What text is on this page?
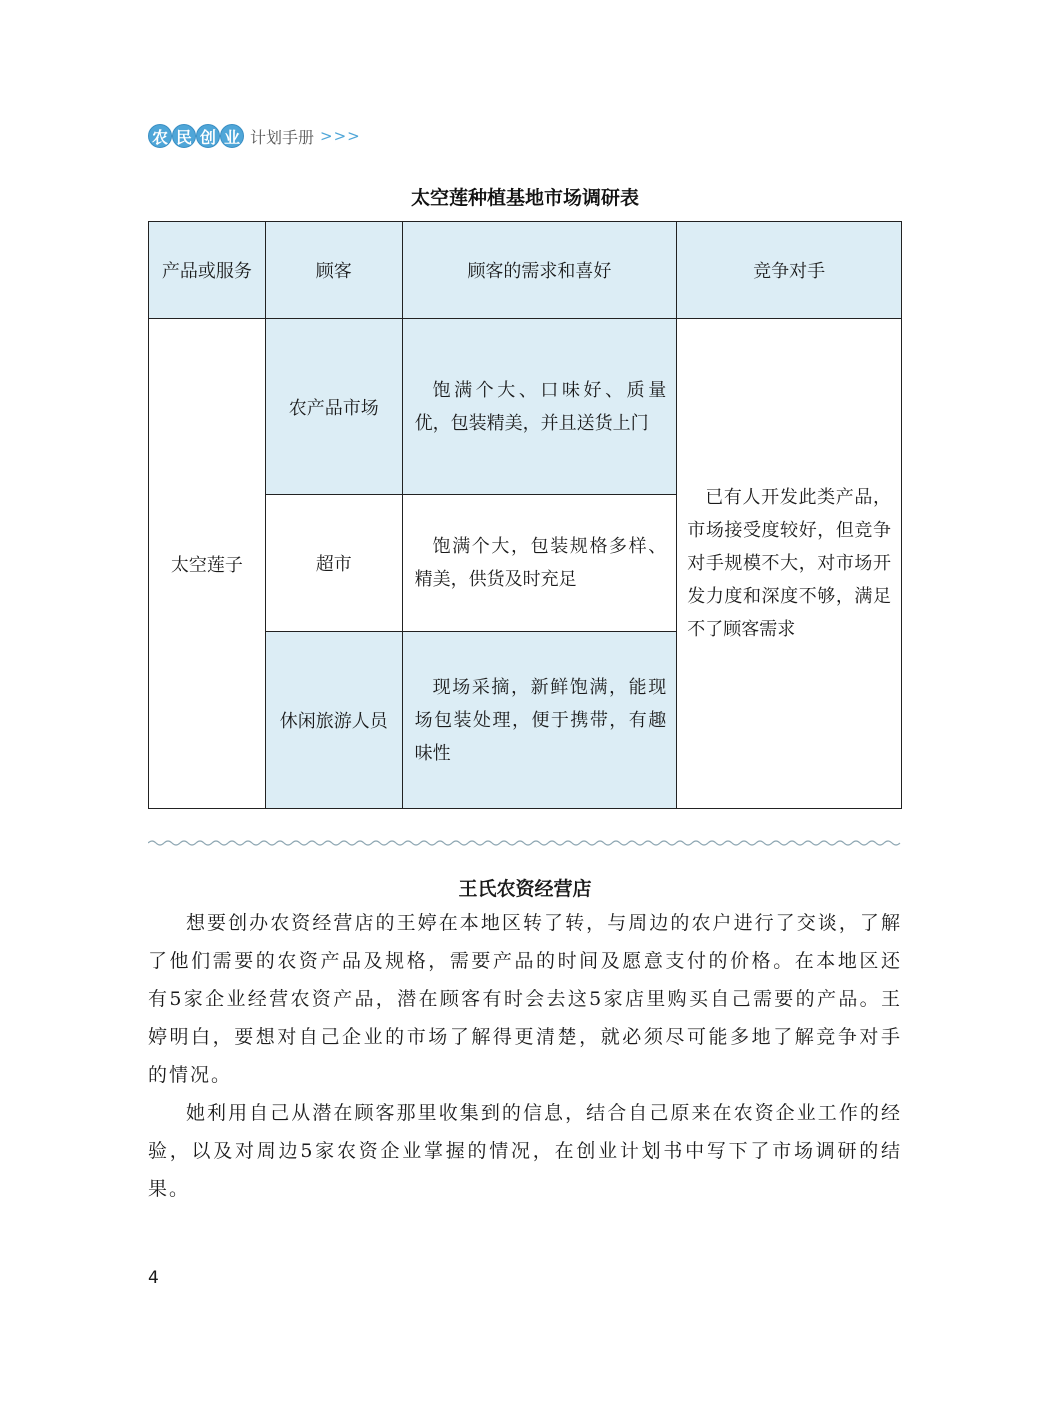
农 民 创 业 计划手册 >>>
太空莲种植基地市场调研表
产品或服务	顾客	顾客的需求和喜好	竞争对手
太空莲子	农产品市场	饱满个大、口味好、质量优，包装精美，并且送货上门	已有人开发此类产品，市场接受度较好，但竞争对手规模不大，对市场开发力度和深度不够，满足不了顾客需求

	超市	饱满个大，包装规格多样、精美，供货及时充足	

	休闲旅游人员	现场采摘，新鲜饱满，能现场包装处理，便于携带，有趣味性	
王氏农资经营店

想要创办农资经营店的王婷在本地区转了转，与周边的农户进行了交谈，了解了他们需要的农资产品及规格，需要产品的时间及愿意支付的价格。在本地区还有5家企业经营农资产品，潜在顾客有时会去这5家店里购买自己需要的产品。王婷明白，要想对自己企业的市场了解得更清楚，就必须尽可能多地了解竞争对手的情况。

她利用自己从潜在顾客那里收集到的信息，结合自己原来在农资企业工作的经验，以及对周边5家农资企业掌握的情况，在创业计划书中写下了市场调研的结果。

4
